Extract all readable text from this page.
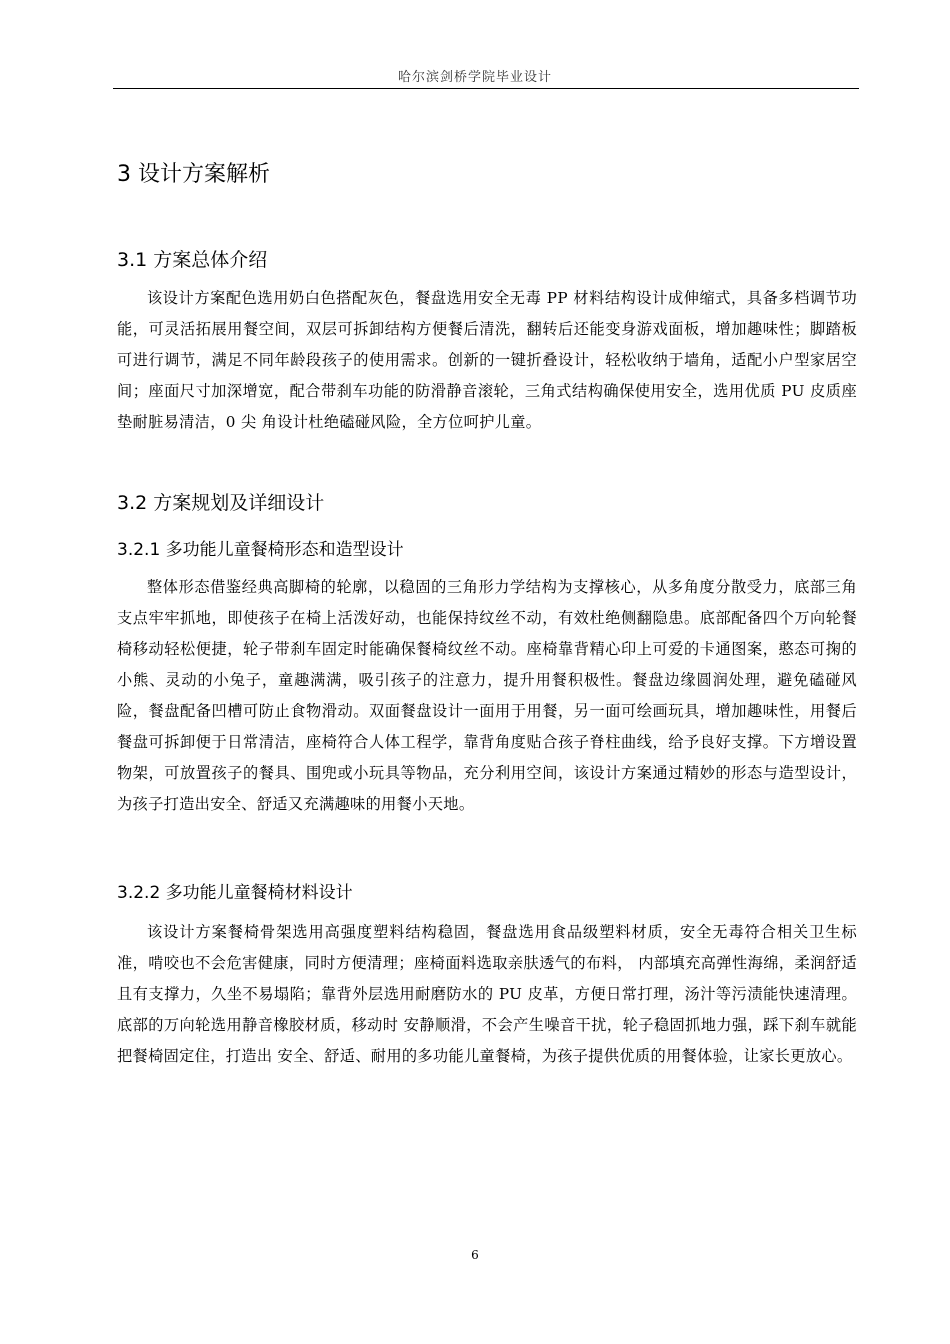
哈尔滨剑桥学院毕业设计
3 设计方案解析
3.1 方案总体介绍

该设计方案配色选用奶白色搭配灰色，餐盘选用安全无毒 PP 材料结构设计成伸缩式，具备多档调节功能，可灵活拓展用餐空间，双层可拆卸结构方便餐后清洗，翻转后还能变身游戏面板，增加趣味性；脚踏板可进行调节，满足不同年龄段孩子的使用需求。创新的一键折叠设计，轻松收纳于墙角，适配小户型家居空间；座面尺寸加深增宽，配合带刹车功能的防滑静音滚轮，三角式结构确保使用安全，选用优质 PU 皮质座垫耐脏易清洁，0 尖 角设计杜绝磕碰风险，全方位呵护儿童。

3.2 方案规划及详细设计
3.2.1 多功能儿童餐椅形态和造型设计

整体形态借鉴经典高脚椅的轮廓，以稳固的三角形力学结构为支撑核心，从多角度分散受力，底部三角支点牢牢抓地，即使孩子在椅上活泼好动，也能保持纹丝不动，有效杜绝侧翻隐患。底部配备四个万向轮餐椅移动轻松便捷，轮子带刹车固定时能确保餐椅纹丝不动。座椅靠背精心印上可爱的卡通图案，憨态可掬的小熊、灵动的小兔子，童趣满满，吸引孩子的注意力，提升用餐积极性。餐盘边缘圆润处理，避免磕碰风险，餐盘配备凹槽可防止食物滑动。双面餐盘设计一面用于用餐，另一面可绘画玩具，增加趣味性，用餐后餐盘可拆卸便于日常清洁，座椅符合人体工程学，靠背角度贴合孩子脊柱曲线，给予良好支撑。下方增设置物架，可放置孩子的餐具、围兜或小玩具等物品，充分利用空间，该设计方案通过精妙的形态与造型设计，为孩子打造出安全、舒适又充满趣味的用餐小天地。

3.2.2 多功能儿童餐椅材料设计

该设计方案餐椅骨架选用高强度塑料结构稳固，餐盘选用食品级塑料材质，安全无毒符合相关卫生标准，啃咬也不会危害健康，同时方便清理；座椅面料选取亲肤透气的布料， 内部填充高弹性海绵，柔润舒适且有支撑力，久坐不易塌陷；靠背外层选用耐磨防水的 PU 皮革，方便日常打理，汤汁等污渍能快速清理。底部的万向轮选用静音橡胶材质，移动时 安静顺滑，不会产生噪音干扰，轮子稳固抓地力强，踩下刹车就能把餐椅固定住，打造出 安全、舒适、耐用的多功能儿童餐椅，为孩子提供优质的用餐体验，让家长更放心。

6
